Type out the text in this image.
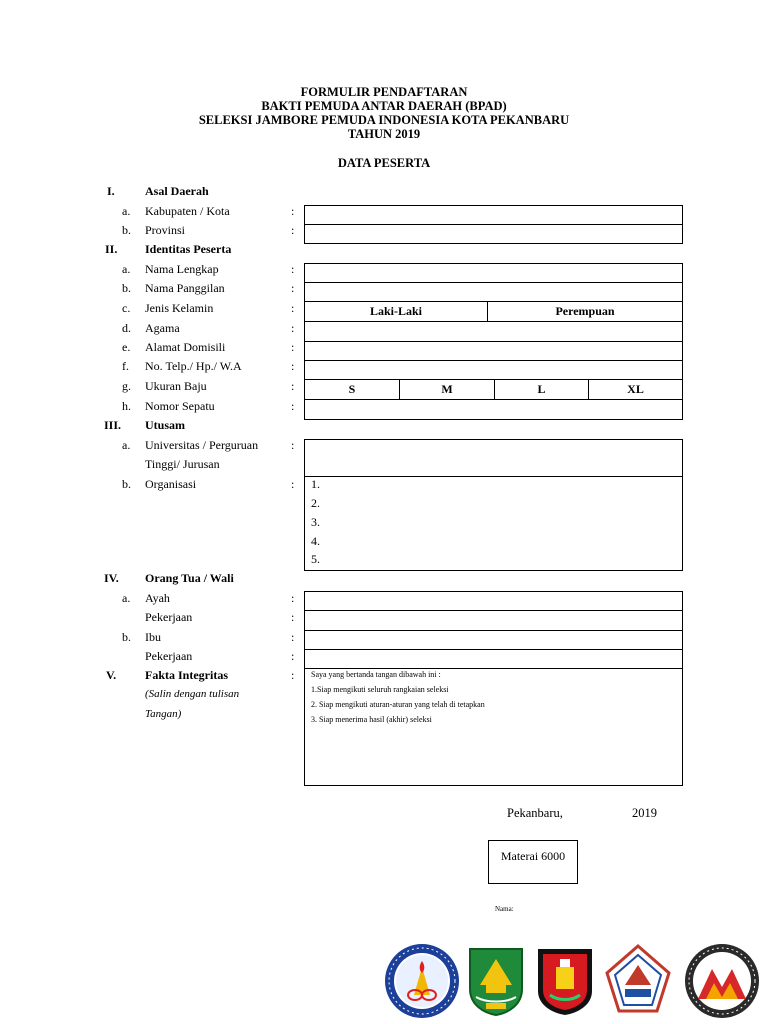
FORMULIR PENDAFTARAN
BAKTI PEMUDA ANTAR DAERAH (BPAD)
SELEKSI JAMBORE PEMUDA INDONESIA KOTA PEKANBARU
TAHUN 2019
DATA PESERTA
I.	Asal Daerah
a. Kabupaten / Kota	:
b. Provinsi	:
II. Identitas Peserta
a. Nama Lengkap	:
b. Nama Panggilan	:
c. Jenis Kelamin	:	Laki-Laki	Perempuan
d. Agama	:
e. Alamat Domisili	:
f. No. Telp./ Hp./ W.A	:
g. Ukuran Baju	:	S	M	L	XL
h. Nomor Sepatu	:
III. Utusam
a. Universitas / Perguruan
Tinggi/ Jurusan
:
b. Organisasi	: 1.
2.
3.
4.
5.
IV. Orang Tua / Wali
a. Ayah	:
Pekerjaan	:
b. Ibu	:
Pekerjaan	:
V. Fakta Integritas
(Salin dengan tulisan
Tangan)
: Saya yang bertanda tangan dibawah ini :
1.Siap mengikuti seluruh rangkaian seleksi
2. Siap mengikuti aturan-aturan yang telah di tetapkan
3. Siap menerima hasil (akhir) seleksi
Pekanbaru,	2019
Materai 6000
Nama:
